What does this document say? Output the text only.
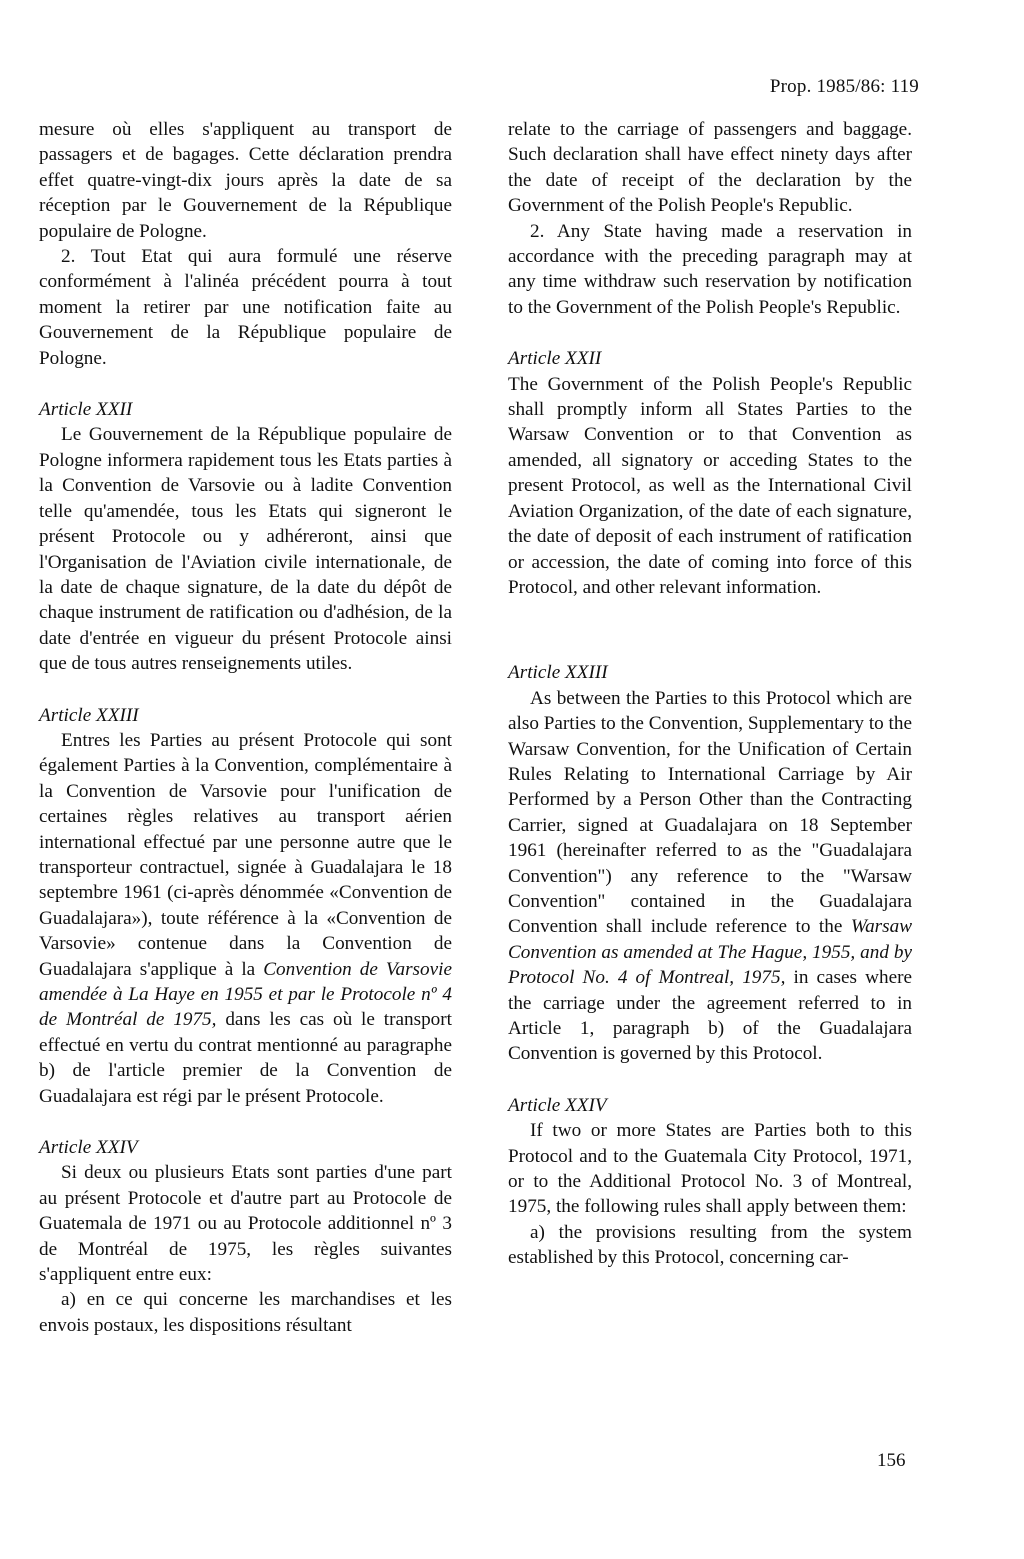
Prop. 1985/86: 119

mesure où elles s'appliquent au transport de passagers et de bagages. Cette déclaration prendra effet quatre-vingt-dix jours après la date de sa réception par le Gouvernement de la République populaire de Pologne.

2. Tout Etat qui aura formulé une réserve conformément à l'alinéa précédent pourra à tout moment la retirer par une notification faite au Gouvernement de la République populaire de Pologne.

Article XXII

Le Gouvernement de la République populaire de Pologne informera rapidement tous les Etats parties à la Convention de Varsovie ou à ladite Convention telle qu'amendée, tous les Etats qui signeront le présent Protocole ou y adhéreront, ainsi que l'Organisation de l'Aviation civile internationale, de la date de chaque signature, de la date du dépôt de chaque instrument de ratification ou d'adhésion, de la date d'entrée en vigueur du présent Protocole ainsi que de tous autres renseignements utiles.

Article XXIII

Entres les Parties au présent Protocole qui sont également Parties à la Convention, complémentaire à la Convention de Varsovie pour l'unification de certaines règles relatives au transport aérien international effectué par une personne autre que le transporteur contractuel, signée à Guadalajara le 18 septembre 1961 (ci-après dénommée «Convention de Guadalajara»), toute référence à la «Convention de Varsovie» contenue dans la Convention de Guadalajara s'applique à la Convention de Varsovie amendée à La Haye en 1955 et par le Protocole nº 4 de Montréal de 1975, dans les cas où le transport effectué en vertu du contrat mentionné au paragraphe b) de l'article premier de la Convention de Guadalajara est régi par le présent Protocole.

Article XXIV

Si deux ou plusieurs Etats sont parties d'une part au présent Protocole et d'autre part au Protocole de Guatemala de 1971 ou au Protocole additionnel nº 3 de Montréal de 1975, les règles suivantes s'appliquent entre eux:

a) en ce qui concerne les marchandises et les envois postaux, les dispositions résultant

relate to the carriage of passengers and baggage. Such declaration shall have effect ninety days after the date of receipt of the declaration by the Government of the Polish People's Republic.

2. Any State having made a reservation in accordance with the preceding paragraph may at any time withdraw such reservation by notification to the Government of the Polish People's Republic.

Article XXII

The Government of the Polish People's Republic shall promptly inform all States Parties to the Warsaw Convention or to that Convention as amended, all signatory or acceding States to the present Protocol, as well as the International Civil Aviation Organization, of the date of each signature, the date of deposit of each instrument of ratification or accession, the date of coming into force of this Protocol, and other relevant information.

Article XXIII

As between the Parties to this Protocol which are also Parties to the Convention, Supplementary to the Warsaw Convention, for the Unification of Certain Rules Relating to International Carriage by Air Performed by a Person Other than the Contracting Carrier, signed at Guadalajara on 18 September 1961 (hereinafter referred to as the "Guadalajara Convention") any reference to the "Warsaw Convention" contained in the Guadalajara Convention shall include reference to the Warsaw Convention as amended at The Hague, 1955, and by Protocol No. 4 of Montreal, 1975, in cases where the carriage under the agreement referred to in Article 1, paragraph b) of the Guadalajara Convention is governed by this Protocol.

Article XXIV

If two or more States are Parties both to this Protocol and to the Guatemala City Protocol, 1971, or to the Additional Protocol No. 3 of Montreal, 1975, the following rules shall apply between them:

a) the provisions resulting from the system established by this Protocol, concerning car-

156
